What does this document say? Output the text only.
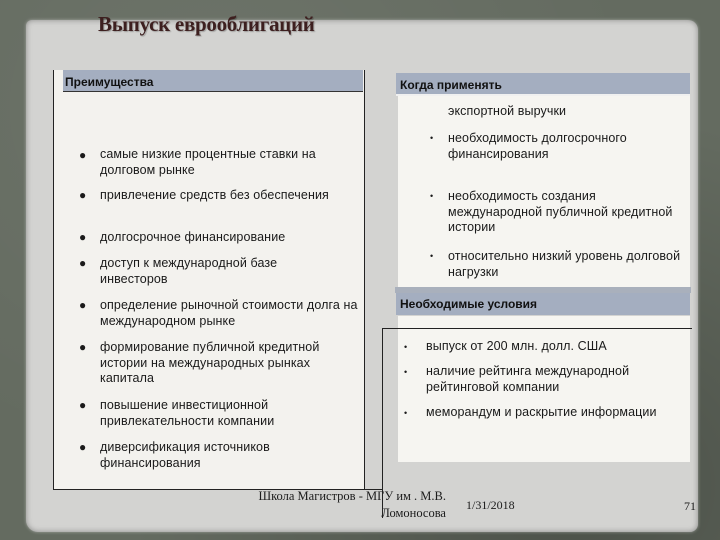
Выпуск еврооблигаций
Преимущества
● самые низкие процентные ставки на долговом рынке
● привлечение средств без обеспечения
● долгосрочное финансирование
● доступ к международной базе инвесторов
● определение рыночной стоимости долга на международном рынке
● формирование публичной кредитной истории на международных рынках капитала
● повышение инвестиционной привлекательности компании
● диверсификация источников финансирования
Когда применять
экспортной выручки
• необходимость долгосрочного финансирования
• необходимость создания международной публичной кредитной истории
• относительно низкий уровень долговой нагрузки
Необходимые условия
• выпуск от 200 млн. долл. США
• наличие рейтинга международной рейтинговой компании
• меморандум и раскрытие информации
Школа Магистров - МГУ им . М.В.
Ломоносова
1/31/2018	71
